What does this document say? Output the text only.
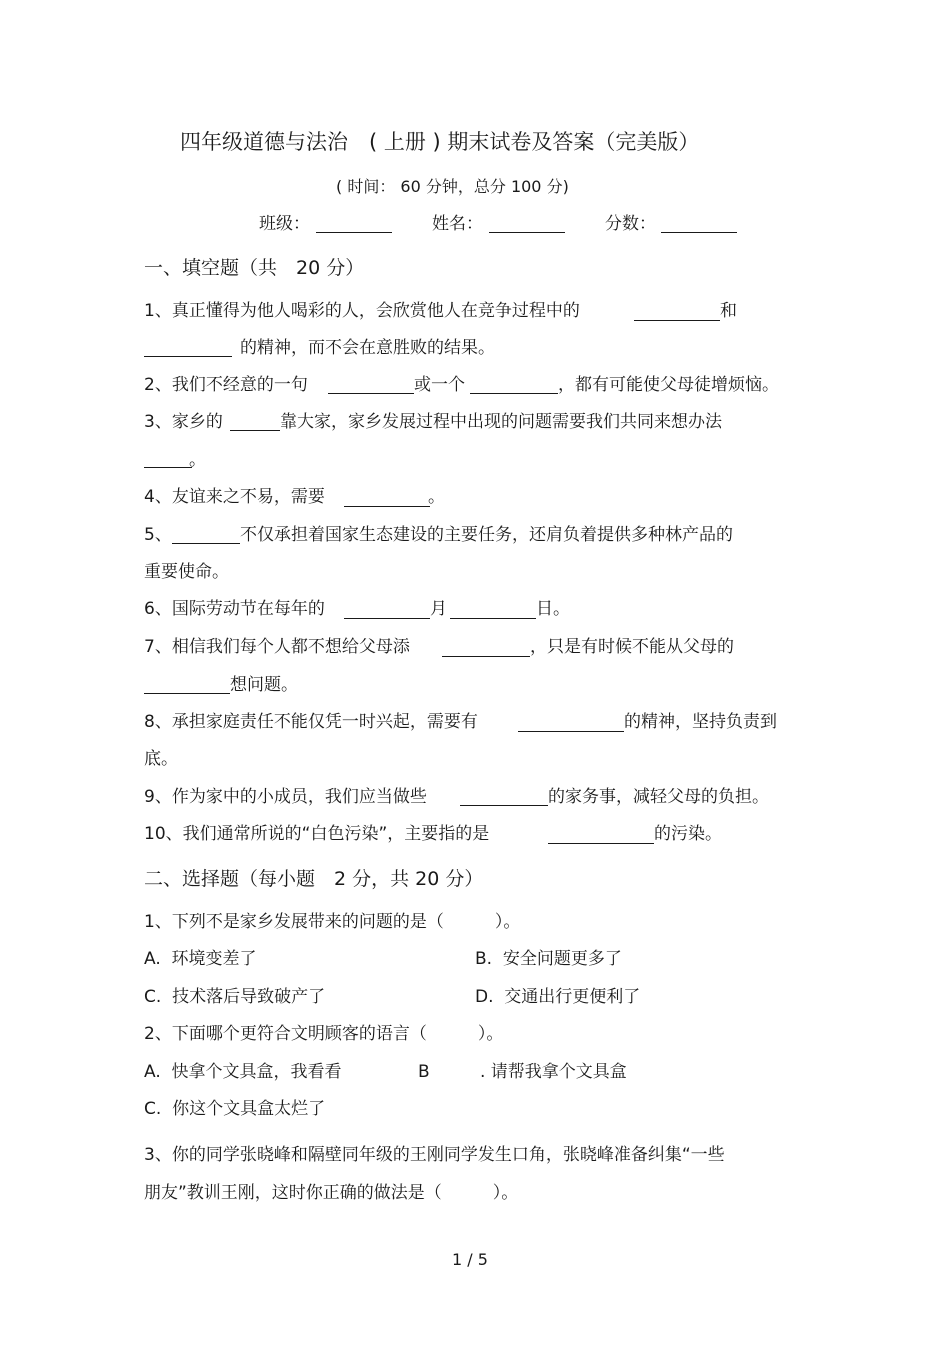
四年级道德与法治　( 上册 ) 期末试卷及答案（完美版）
( 时间： 60 分钟，总分 100 分)
班级：	姓名：	分数：
一、填空题（共　20 分）
1、真正懂得为他人喝彩的人，会欣赏他人在竞争过程中的	和
的精神，而不会在意胜败的结果。
2、我们不经意的一句	或一个	，都有可能使父母徒增烦恼。
3、家乡的	靠大家，家乡发展过程中出现的问题需要我们共同来想办法
。
4、友谊来之不易，需要	。
5、	不仅承担着国家生态建设的主要任务，还肩负着提供多种林产品的
重要使命。
6、国际劳动节在每年的	月	日。
7、相信我们每个人都不想给父母添	，只是有时候不能从父母的
想问题。
8、承担家庭责任不能仅凭一时兴起，需要有	的精神，坚持负责到
底。
9、作为家中的小成员，我们应当做些	的家务事，减轻父母的负担。
10、我们通常所说的“白色污染”，主要指的是	的污染。
二、选择题（每小题　2 分，共 20 分）
1、下列不是家乡发展带来的问题的是（　　　）。
A.  环境变差了	B.  安全问题更多了
C.  技术落后导致破产了	D.  交通出行更便利了
2、下面哪个更符合文明顾客的语言（　　　）。
A.  快拿个文具盒，我看看	B	. 请帮我拿个文具盒
C.  你这个文具盒太烂了
3、你的同学张晓峰和隔壁同年级的王刚同学发生口角，张晓峰准备纠集“一些
朋友”教训王刚，这时你正确的做法是（　　　）。
1 / 5
